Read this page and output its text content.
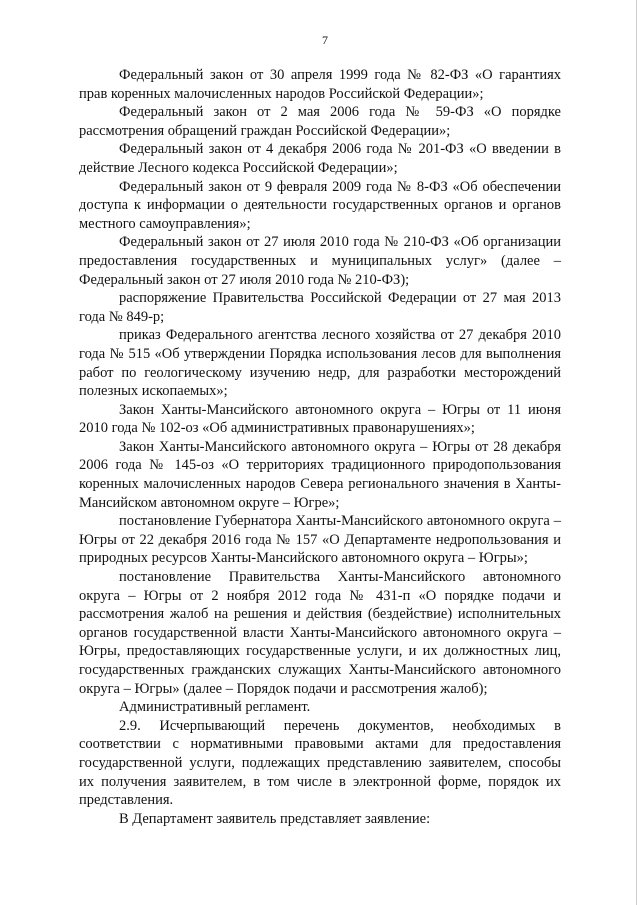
7

Федеральный закон от 30 апреля 1999 года № 82-ФЗ «О гарантиях прав коренных малочисленных народов Российской Федерации»;

Федеральный закон от 2 мая 2006 года № 59-ФЗ «О порядке рассмотрения обращений граждан Российской Федерации»;

Федеральный закон от 4 декабря 2006 года № 201-ФЗ «О введении в действие Лесного кодекса Российской Федерации»;

Федеральный закон от 9 февраля 2009 года № 8-ФЗ «Об обеспечении доступа к информации о деятельности государственных органов и органов местного самоуправления»;

Федеральный закон от 27 июля 2010 года № 210-ФЗ «Об организации предоставления государственных и муниципальных услуг» (далее – Федеральный закон от 27 июля 2010 года № 210-ФЗ);

распоряжение Правительства Российской Федерации от 27 мая 2013 года № 849-р;

приказ Федерального агентства лесного хозяйства от 27 декабря 2010 года № 515 «Об утверждении Порядка использования лесов для выполнения работ по геологическому изучению недр, для разработки месторождений полезных ископаемых»;

Закон Ханты-Мансийского автономного округа – Югры от 11 июня 2010 года № 102-оз «Об административных правонарушениях»;

Закон Ханты-Мансийского автономного округа – Югры от 28 декабря 2006 года № 145-оз «О территориях традиционного природопользования коренных малочисленных народов Севера регионального значения в Ханты-Мансийском автономном округе – Югре»;

постановление Губернатора Ханты-Мансийского автономного округа – Югры от 22 декабря 2016 года № 157 «О Департаменте недропользования и природных ресурсов Ханты-Мансийского автономного округа – Югры»;

постановление Правительства Ханты-Мансийского автономного округа – Югры от 2 ноября 2012 года № 431-п «О порядке подачи и рассмотрения жалоб на решения и действия (бездействие) исполнительных органов государственной власти Ханты-Мансийского автономного округа – Югры, предоставляющих государственные услуги, и их должностных лиц, государственных гражданских служащих Ханты-Мансийского автономного округа – Югры» (далее – Порядок подачи и рассмотрения жалоб);

Административный регламент.

2.9. Исчерпывающий перечень документов, необходимых в соответствии с нормативными правовыми актами для предоставления государственной услуги, подлежащих представлению заявителем, способы их получения заявителем, в том числе в электронной форме, порядок их представления.

В Департамент заявитель представляет заявление:
